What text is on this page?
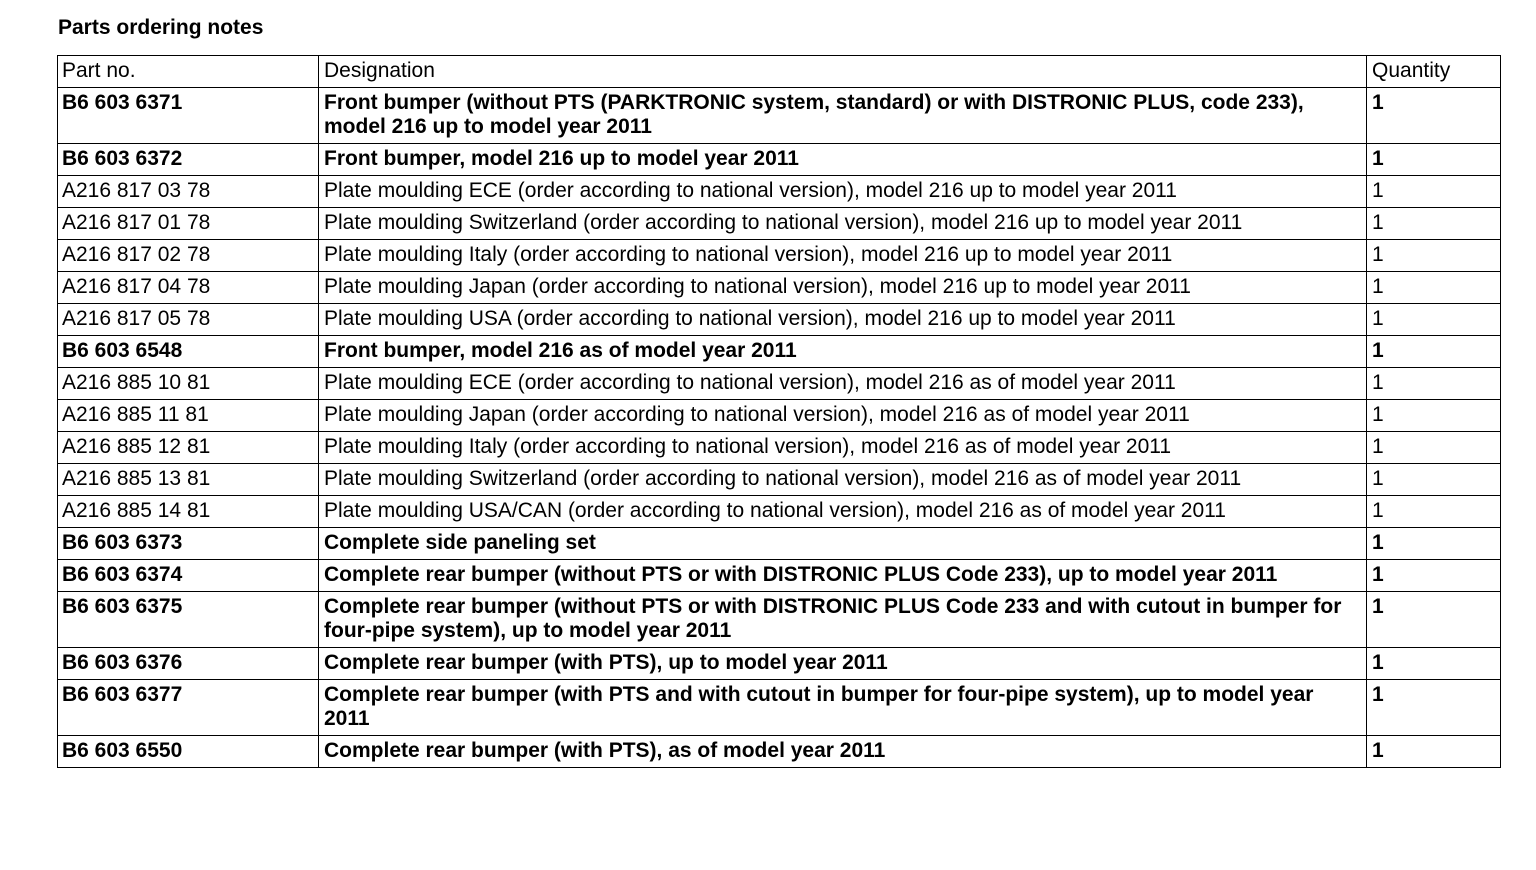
Parts ordering notes
Part no.	Designation	Quantity
B6 603 6371	Front bumper (without PTS (PARKTRONIC system, standard) or with DISTRONIC PLUS, code 233), model 216 up to model year 2011	1
B6 603 6372	Front bumper, model 216 up to model year 2011	1
A216 817 03 78	Plate moulding ECE (order according to national version), model 216 up to model year 2011	1
A216 817 01 78	Plate moulding Switzerland (order according to national version), model 216 up to model year 2011	1
A216 817 02 78	Plate moulding Italy (order according to national version), model 216 up to model year 2011	1
A216 817 04 78	Plate moulding Japan (order according to national version), model 216 up to model year 2011	1
A216 817 05 78	Plate moulding USA (order according to national version), model 216 up to model year 2011	1
B6 603 6548	Front bumper, model 216 as of model year 2011	1
A216 885 10 81	Plate moulding ECE (order according to national version), model 216 as of model year 2011	1
A216 885 11 81	Plate moulding Japan (order according to national version), model 216 as of model year 2011	1
A216 885 12 81	Plate moulding Italy (order according to national version), model 216 as of model year 2011	1
A216 885 13 81	Plate moulding Switzerland (order according to national version), model 216 as of model year 2011	1
A216 885 14 81	Plate moulding USA/CAN (order according to national version), model 216 as of model year 2011	1
B6 603 6373	Complete side paneling set	1
B6 603 6374	Complete rear bumper (without PTS or with DISTRONIC PLUS Code 233), up to model year 2011	1
B6 603 6375	Complete rear bumper (without PTS or with DISTRONIC PLUS Code 233 and with cutout in bumper for four-pipe system), up to model year 2011	1
B6 603 6376	Complete rear bumper (with PTS), up to model year 2011	1
B6 603 6377	Complete rear bumper (with PTS and with cutout in bumper for four-pipe system), up to model year 2011	1
B6 603 6550	Complete rear bumper (with PTS), as of model year 2011	1
